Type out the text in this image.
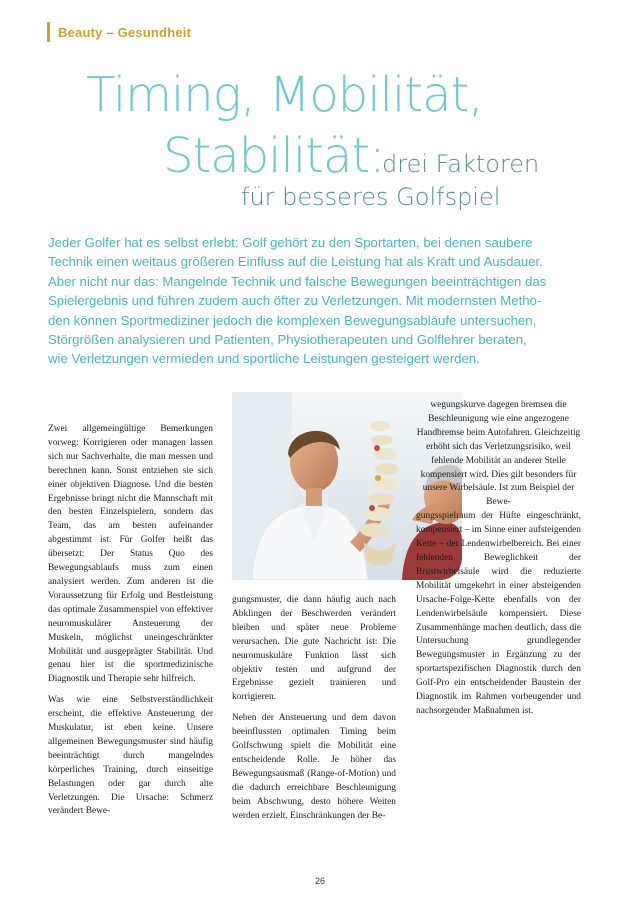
Beauty – Gesundheit
Timing, Mobilität,
Stabilität:
drei Faktoren
für besseres Golfspiel
Jeder Golfer hat es selbst erlebt: Golf gehört zu den Sportarten, bei denen saubere
Technik einen weitaus größeren Einfluss auf die Leistung hat als Kraft und Ausdauer.
Aber nicht nur das: Mangelnde Technik und falsche Bewegungen beeinträchtigen das
Spielergebnis und führen zudem auch öfter zu Verletzungen. Mit modernsten Metho-
den können Sportmediziner jedoch die komplexen Bewegungsabläufe untersuchen,
Störgrößen analysieren und Patienten, Physiotherapeuten und Golflehrer beraten,
wie Verletzungen vermieden und sportliche Leistungen gesteigert werden.

Zwei allgemeingültige Bemerkungen vorweg: Korrigieren oder managen lassen sich nur Sachverhalte, die man messen und berechnen kann. Sonst entziehen sie sich einer objektiven Diagnose. Und die besten Ergebnisse bringt nicht die Mannschaft mit den besten Einzelspielern, sondern das Team, das am besten aufeinander abgestimmt ist. Für Golfer heißt das übersetzt: Der Status Quo des Bewegungsablaufs muss zum einen analysiert werden. Zum anderen ist die Voraussetzung für Erfolg und Bestleistung das optimale Zusammenspiel von effektiver neuromuskulärer Ansteuerung der Muskeln, möglichst uneingeschränkter Mobilität und ausgeprägter Stabilität. Und genau hier ist die sportmedizinische Diagnostik und Therapie sehr hilfreich.

Was wie eine Selbstverständlichkeit erscheint, die effektive Ansteuerung der Muskulatur, ist eben keine. Unsere allgemeinen Bewegungsmuster sind häufig beeinträchtigt durch mangelndes körperliches Training, durch einseitige Belastungen oder gar durch alte Verletzungen. Die Ursache: Schmerz verändert Bewe-

gungsmuster, die dann häufig auch nach Abklingen der Beschwerden verändert bleiben und später neue Probleme verursachen. Die gute Nachricht ist: Die neuromuskuläre Funktion lässt sich objektiv testen und aufgrund der Ergebnisse gezielt trainieren und korrigieren.

Neben der Ansteuerung und dem davon beeinflussten optimalen Timing beim Golfschwung spielt die Mobilität eine entscheidende Rolle. Je höher das Bewegungsausmaß (Range-of-Motion) und die dadurch erreichbare Beschleunigung beim Abschwung, desto höhere Weiten werden erzielt. Einschränkungen der Be-

wegungskurve dagegen bremsen die Beschleunigung wie eine angezogene Handbremse beim Autofahren. Gleichzeitig erhöht sich das Verletzungsrisiko, weil fehlende Mobilität an anderer Stelle kompensiert wird. Dies gilt besonders für unsere Wirbelsäule. Ist zum Beispiel der Bewe-

gungsspielraum der Hüfte eingeschränkt, kompensiert – im Sinne einer aufsteigenden Kette – der Lendenwirbelbereich. Bei einer fehlenden Beweglichkeit der Brustwirbelsäule wird die reduzierte Mobilität umgekehrt in einer absteigenden Ursache-Folge-Kette ebenfalls von der Lendenwirbelsäule kompensiert. Diese Zusammenhänge machen deutlich, dass die Untersuchung grundlegender Bewegungsmuster in Ergänzung zu der sportartspezifischen Diagnostik durch den Golf-Pro ein entscheidender Baustein der Diagnostik im Rahmen vorbeugender und nachsorgender Maßnahmen ist.

26
